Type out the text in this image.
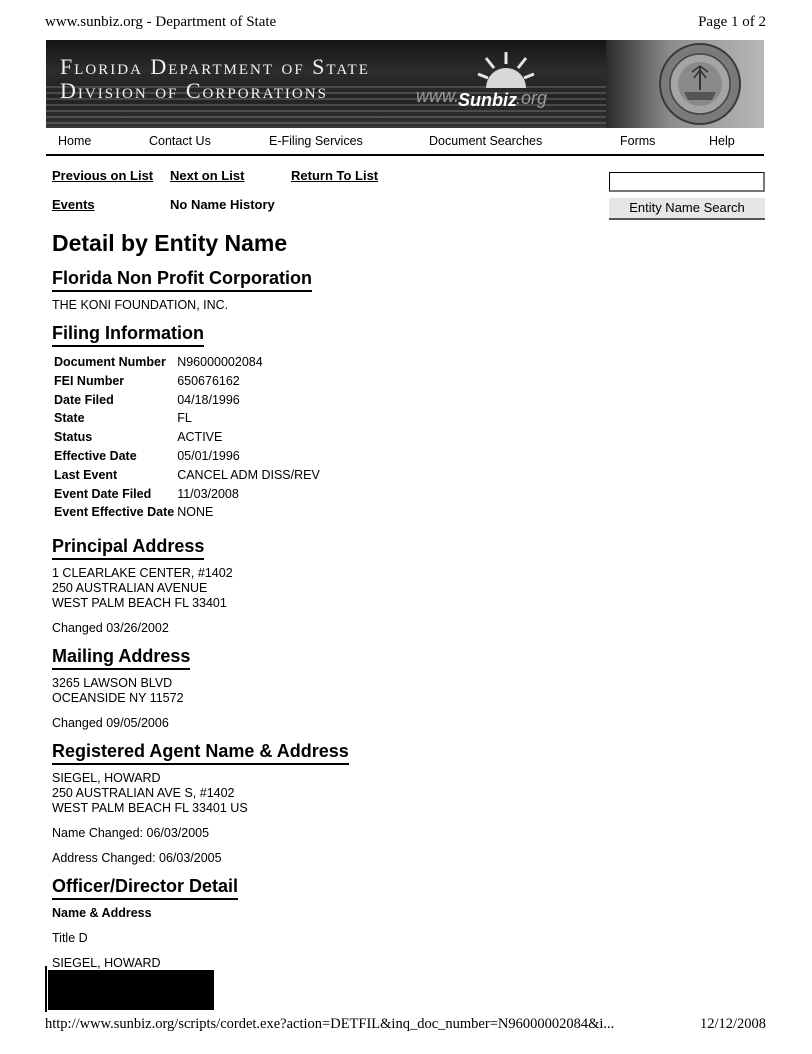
www.sunbiz.org - Department of State	Page 1 of 2
Florida Department of State
Division of Corporations	www.
Sunbiz .org
Home	Contact Us	E-Filing Services	Document Searches	Forms	Help
Previous on List Next on List	Return To List
Events	No Name History	Entity Name Search
Detail by Entity Name
Florida Non Profit Corporation
THE KONI FOUNDATION, INC.
Filing Information
Document Number	N96000002084
FEI Number	650676162
Date Filed	04/18/1996
State	FL
Status	ACTIVE
Effective Date	05/01/1996
Last Event	CANCEL ADM DISS/REV
Event Date Filed	11/03/2008
Event Effective Date	NONE
Principal Address
1 CLEARLAKE CENTER, #1402
250 AUSTRALIAN AVENUE
WEST PALM BEACH FL 33401
Changed 03/26/2002
Mailing Address
3265 LAWSON BLVD
OCEANSIDE NY 11572
Changed 09/05/2006
Registered Agent Name & Address
SIEGEL, HOWARD
250 AUSTRALIAN AVE S, #1402
WEST PALM BEACH FL 33401 US
Name Changed: 06/03/2005
Address Changed: 06/03/2005
Officer/Director Detail
Name & Address
Title D
SIEGEL, HOWARD
http://www.sunbiz.org/scripts/cordet.exe?action=DETFIL&inq_doc_number=N96000002084&i...	12/12/2008
